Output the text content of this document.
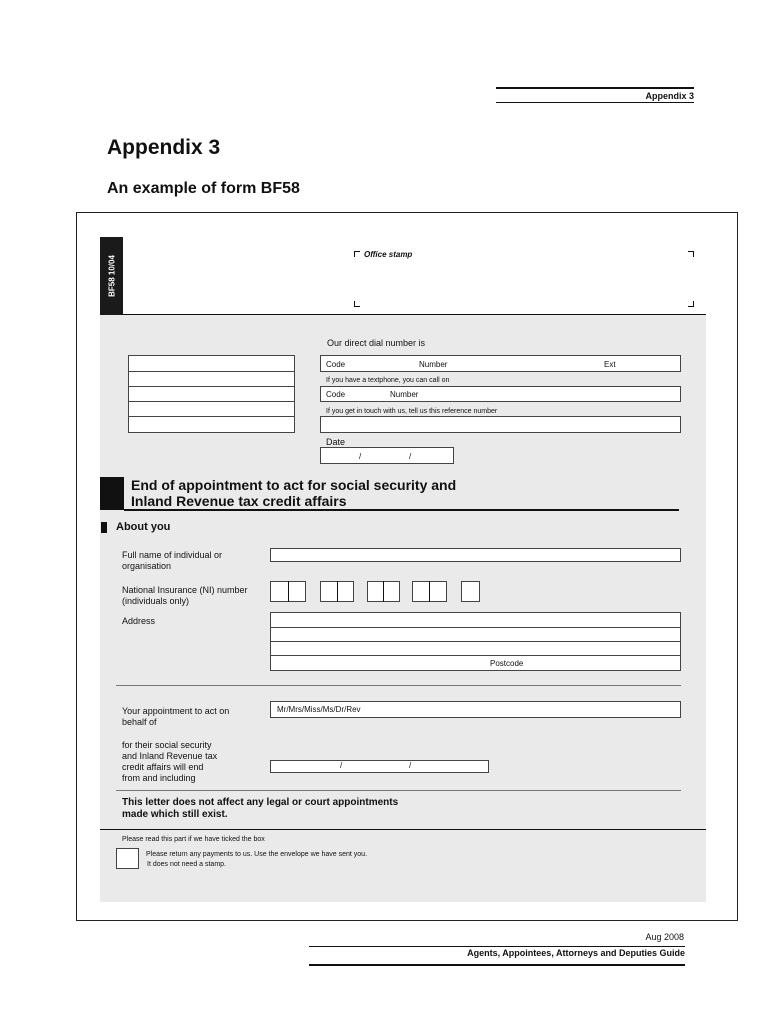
Appendix 3
Appendix 3
An example of form BF58
BF58 10/04
Office stamp
Our direct dial number is
Code	Number	Ext
If you have a textphone, you can call on
Code	Number
If you get in touch with us, tell us this reference number
Date
/	/
End of appointment to act for social security and
Inland Revenue tax credit affairs
About you
Full name of individual or
organisation
National Insurance (NI) number
(individuals only)
Address
Postcode
Your appointment to act on
behalf of
Mr/Mrs/Miss/Ms/Dr/Rev
for their social security
and Inland Revenue tax
credit affairs will end
from and including
/	/
This letter does not affect any legal or court appointments
made which still exist.
Please read this part if we have ticked the box
Please return any payments to us. Use the envelope we have sent you.
It does not need a stamp.
Aug 2008
Agents, Appointees, Attorneys and Deputies Guide
